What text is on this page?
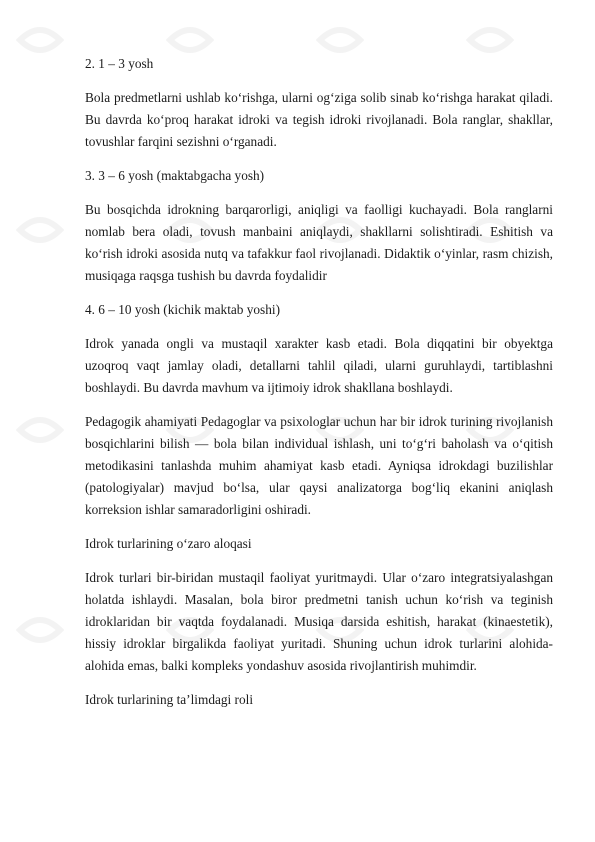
2. 1 – 3 yosh

Bola predmetlarni ushlab ko‘rishga, ularni og‘ziga solib sinab ko‘rishga harakat qiladi. Bu davrda ko‘proq harakat idroki va tegish idroki rivojlanadi. Bola ranglar, shakllar, tovushlar farqini sezishni o‘rganadi.

3. 3 – 6 yosh (maktabgacha yosh)

Bu bosqichda idrokning barqarorligi, aniqligi va faolligi kuchayadi. Bola ranglarni nomlab bera oladi, tovush manbaini aniqlaydi, shakllarni solishtiradi. Eshitish va ko‘rish idroki asosida nutq va tafakkur faol rivojlanadi. Didaktik o‘yinlar, rasm chizish, musiqaga raqsga tushish bu davrda foydalidir

4. 6 – 10 yosh (kichik maktab yoshi)

Idrok yanada ongli va mustaqil xarakter kasb etadi. Bola diqqatini bir obyektga uzoqroq vaqt jamlay oladi, detallarni tahlil qiladi, ularni guruhlaydi, tartiblashni boshlaydi. Bu davrda mavhum va ijtimoiy idrok shakllana boshlaydi.

Pedagogik ahamiyati Pedagoglar va psixologlar uchun har bir idrok turining rivojlanish bosqichlarini bilish — bola bilan individual ishlash, uni to‘g‘ri baholash va o‘qitish metodikasini tanlashda muhim ahamiyat kasb etadi. Ayniqsa idrokdagi buzilishlar (patologiyalar) mavjud bo‘lsa, ular qaysi analizatorga bog‘liq ekanini aniqlash korreksion ishlar samaradorligini oshiradi.

Idrok turlarining o‘zaro aloqasi

Idrok turlari bir-biridan mustaqil faoliyat yuritmaydi. Ular o‘zaro integratsiyalashgan holatda ishlaydi. Masalan, bola biror predmetni tanish uchun ko‘rish va teginish idroklaridan bir vaqtda foydalanadi. Musiqa darsida eshitish, harakat (kinaestetik), hissiy idroklar birgalikda faoliyat yuritadi. Shuning uchun idrok turlarini alohida-alohida emas, balki kompleks yondashuv asosida rivojlantirish muhimdir.

Idrok turlarining ta’limdagi roli
